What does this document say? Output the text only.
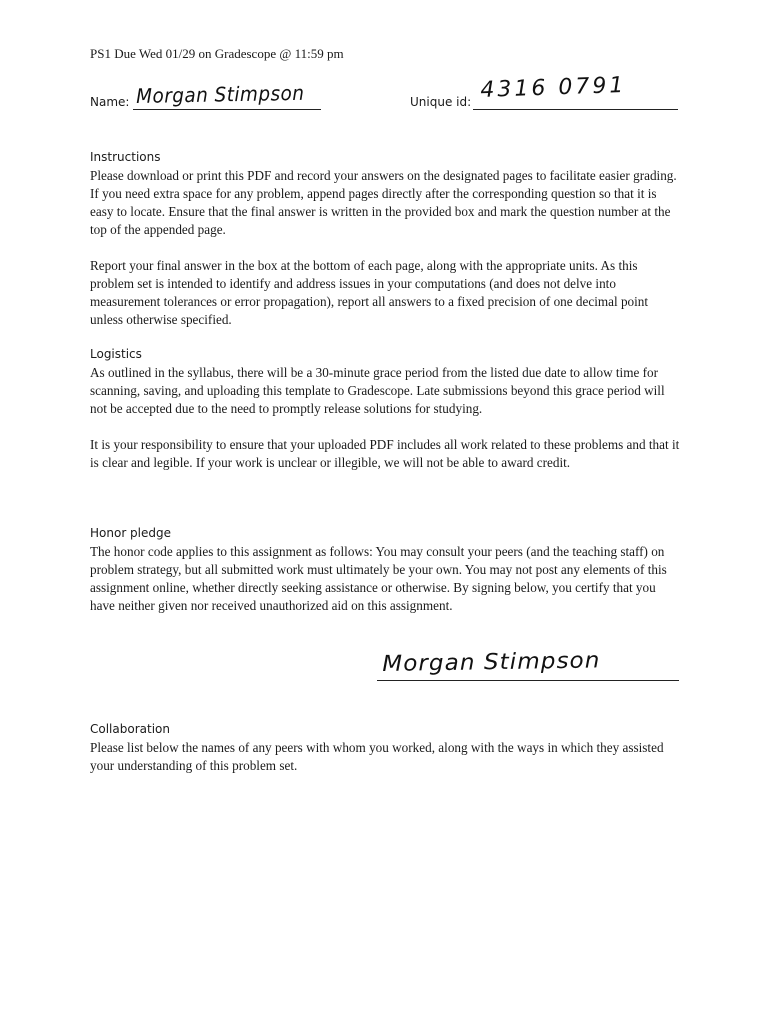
PS1 Due Wed 01/29 on Gradescope @ 11:59 pm
Name: Morgan Stimpson	Unique id: 4316 0791
Instructions

Please download or print this PDF and record your answers on the designated pages to facilitate easier grading. If you need extra space for any problem, append pages directly after the corresponding question so that it is easy to locate. Ensure that the final answer is written in the provided box and mark the question number at the top of the appended page.

Report your final answer in the box at the bottom of each page, along with the appropriate units. As this problem set is intended to identify and address issues in your computations (and does not delve into measurement tolerances or error propagation), report all answers to a fixed precision of one decimal point unless otherwise specified.

Logistics

As outlined in the syllabus, there will be a 30-minute grace period from the listed due date to allow time for scanning, saving, and uploading this template to Gradescope. Late submissions beyond this grace period will not be accepted due to the need to promptly release solutions for studying.

It is your responsibility to ensure that your uploaded PDF includes all work related to these problems and that it is clear and legible. If your work is unclear or illegible, we will not be able to award credit.

Honor pledge

The honor code applies to this assignment as follows: You may consult your peers (and the teaching staff) on problem strategy, but all submitted work must ultimately be your own. You may not post any elements of this assignment online, whether directly seeking assistance or otherwise. By signing below, you certify that you have neither given nor received unauthorized aid on this assignment.

Morgan Stimpson
Collaboration

Please list below the names of any peers with whom you worked, along with the ways in which they assisted your understanding of this problem set.
